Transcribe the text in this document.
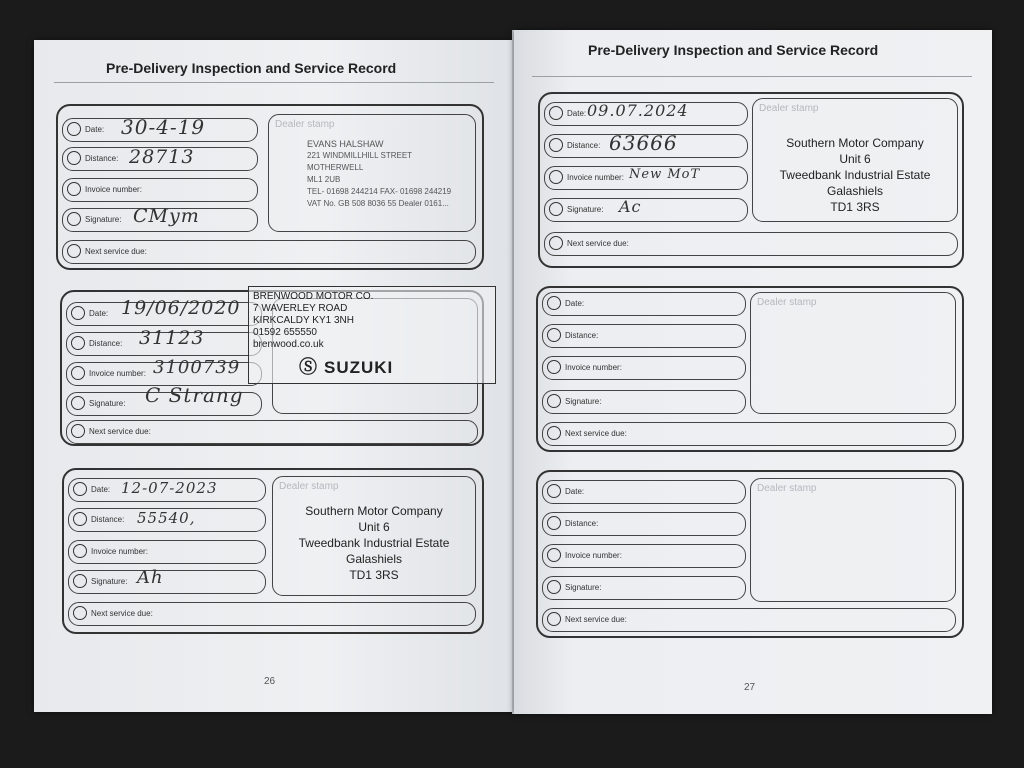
Pre-Delivery Inspection and Service Record
Date: 30-4-19
Distance: 28713
Invoice number:
Signature: CMym
Next service due:
Dealer stamp
EVANS HALSHAW
221 WINDMILLHILL STREET
MOTHERWELL
ML1 2UB
TEL- 01698 244214 FAX- 01698 244219
VAT No. GB 508 8036 55 Dealer 0161...
Date: 19/06/2020
Distance: 31123
Invoice number: 3100739
Signature: C Strang
Next service due:
BRENWOOD MOTOR CO.
7 WAVERLEY ROAD
KIRKCALDY KY1 3NH
01592 655550
brenwood.co.uk
Ⓢ SUZUKI
Date: 12-07-2023
Distance: 55540,
Invoice number:
Signature: Ah
Next service due:
Dealer stamp
Southern Motor Company
Unit 6
Tweedbank Industrial Estate
Galashiels
TD1 3RS
26
Pre-Delivery Inspection and Service Record
Date: 09.07.2024
Distance: 63666
Invoice number: New MoT
Signature: Ac
Next service due:
Dealer stamp
Southern Motor Company
Unit 6
Tweedbank Industrial Estate
Galashiels
TD1 3RS
Date:
Distance:
Invoice number:
Signature:
Next service due:
Dealer stamp
Date:
Distance:
Invoice number:
Signature:
Next service due:
Dealer stamp
27
